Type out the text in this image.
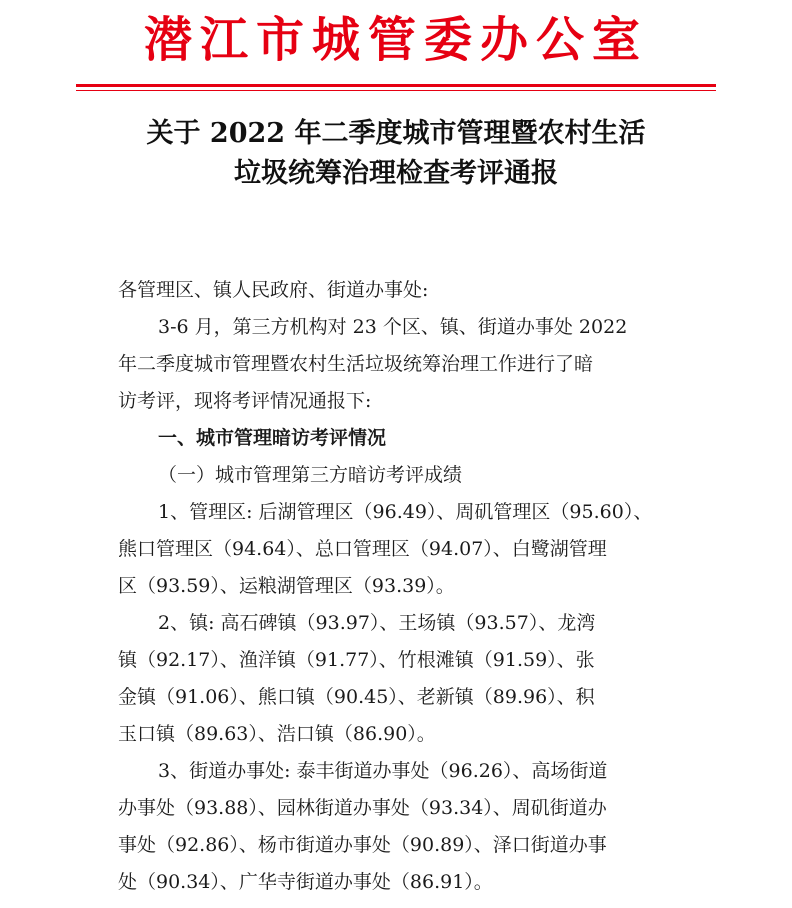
潜江市城管委办公室
关于 2022 年二季度城市管理暨农村生活
垃圾统筹治理检查考评通报
各管理区、镇人民政府、街道办事处:
3-6 月，第三方机构对 23 个区、镇、街道办事处 2022
年二季度城市管理暨农村生活垃圾统筹治理工作进行了暗
访考评，现将考评情况通报下:
一、城市管理暗访考评情况
（一）城市管理第三方暗访考评成绩
1、管理区: 后湖管理区（96.49）、周矶管理区（95.60）、
熊口管理区（94.64）、总口管理区（94.07）、白鹭湖管理
区（93.59）、运粮湖管理区（93.39）。
2、镇: 高石碑镇（93.97）、王场镇（93.57）、龙湾
镇（92.17）、渔洋镇（91.77）、竹根滩镇（91.59）、张
金镇（91.06）、熊口镇（90.45）、老新镇（89.96）、积
玉口镇（89.63）、浩口镇（86.90）。
3、街道办事处: 泰丰街道办事处（96.26）、高场街道
办事处（93.88）、园林街道办事处（93.34）、周矶街道办
事处（92.86）、杨市街道办事处（90.89）、泽口街道办事
处（90.34）、广华寺街道办事处（86.91）。
